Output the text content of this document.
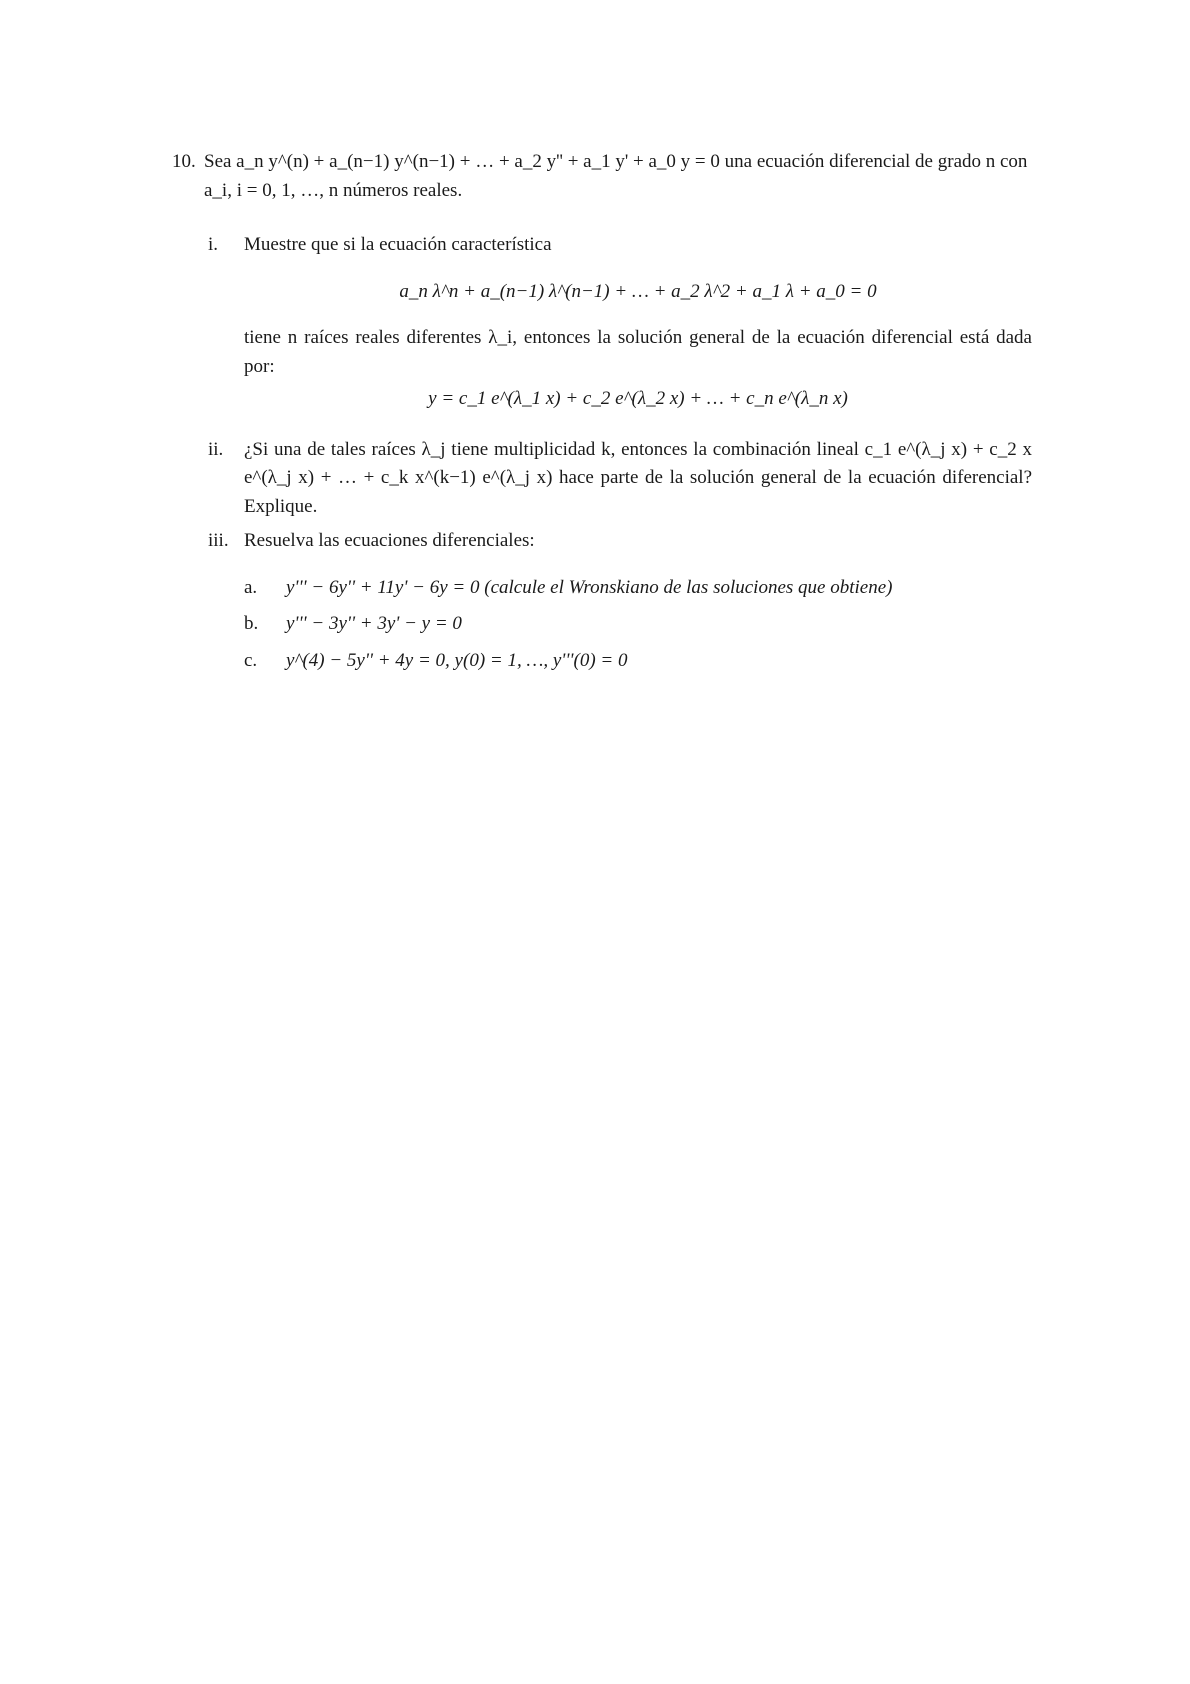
10. Sea a_n y^(n) + a_(n−1) y^(n−1) + … + a_2 y'' + a_1 y' + a_0 y = 0 una ecuación diferencial de grado n con
a_i, i = 0, 1, …, n números reales.
i.	Muestre que si la ecuación característica
a_n λ^n + a_(n−1) λ^(n−1) + … + a_2 λ^2 + a_1 λ + a_0 = 0
tiene n raíces reales diferentes λ_i, entonces la solución general de la ecuación diferencial está dada por:
y = c_1 e^(λ_1 x) + c_2 e^(λ_2 x) + … + c_n e^(λ_n x)
ii.	¿Si una de tales raíces λ_j tiene multiplicidad k, entonces la combinación lineal c_1 e^(λ_j x) + c_2 x e^(λ_j x) + … + c_k x^(k−1) e^(λ_j x) hace parte de la solución general de la ecuación diferencial? Explique.
iii. Resuelva las ecuaciones diferenciales:
a.	y''' − 6y'' + 11y' − 6y = 0 (calcule el Wronskiano de las soluciones que obtiene)
b.	y''' − 3y'' + 3y' − y = 0
c.	y^(4) − 5y'' + 4y = 0, y(0) = 1, …, y'''(0) = 0
